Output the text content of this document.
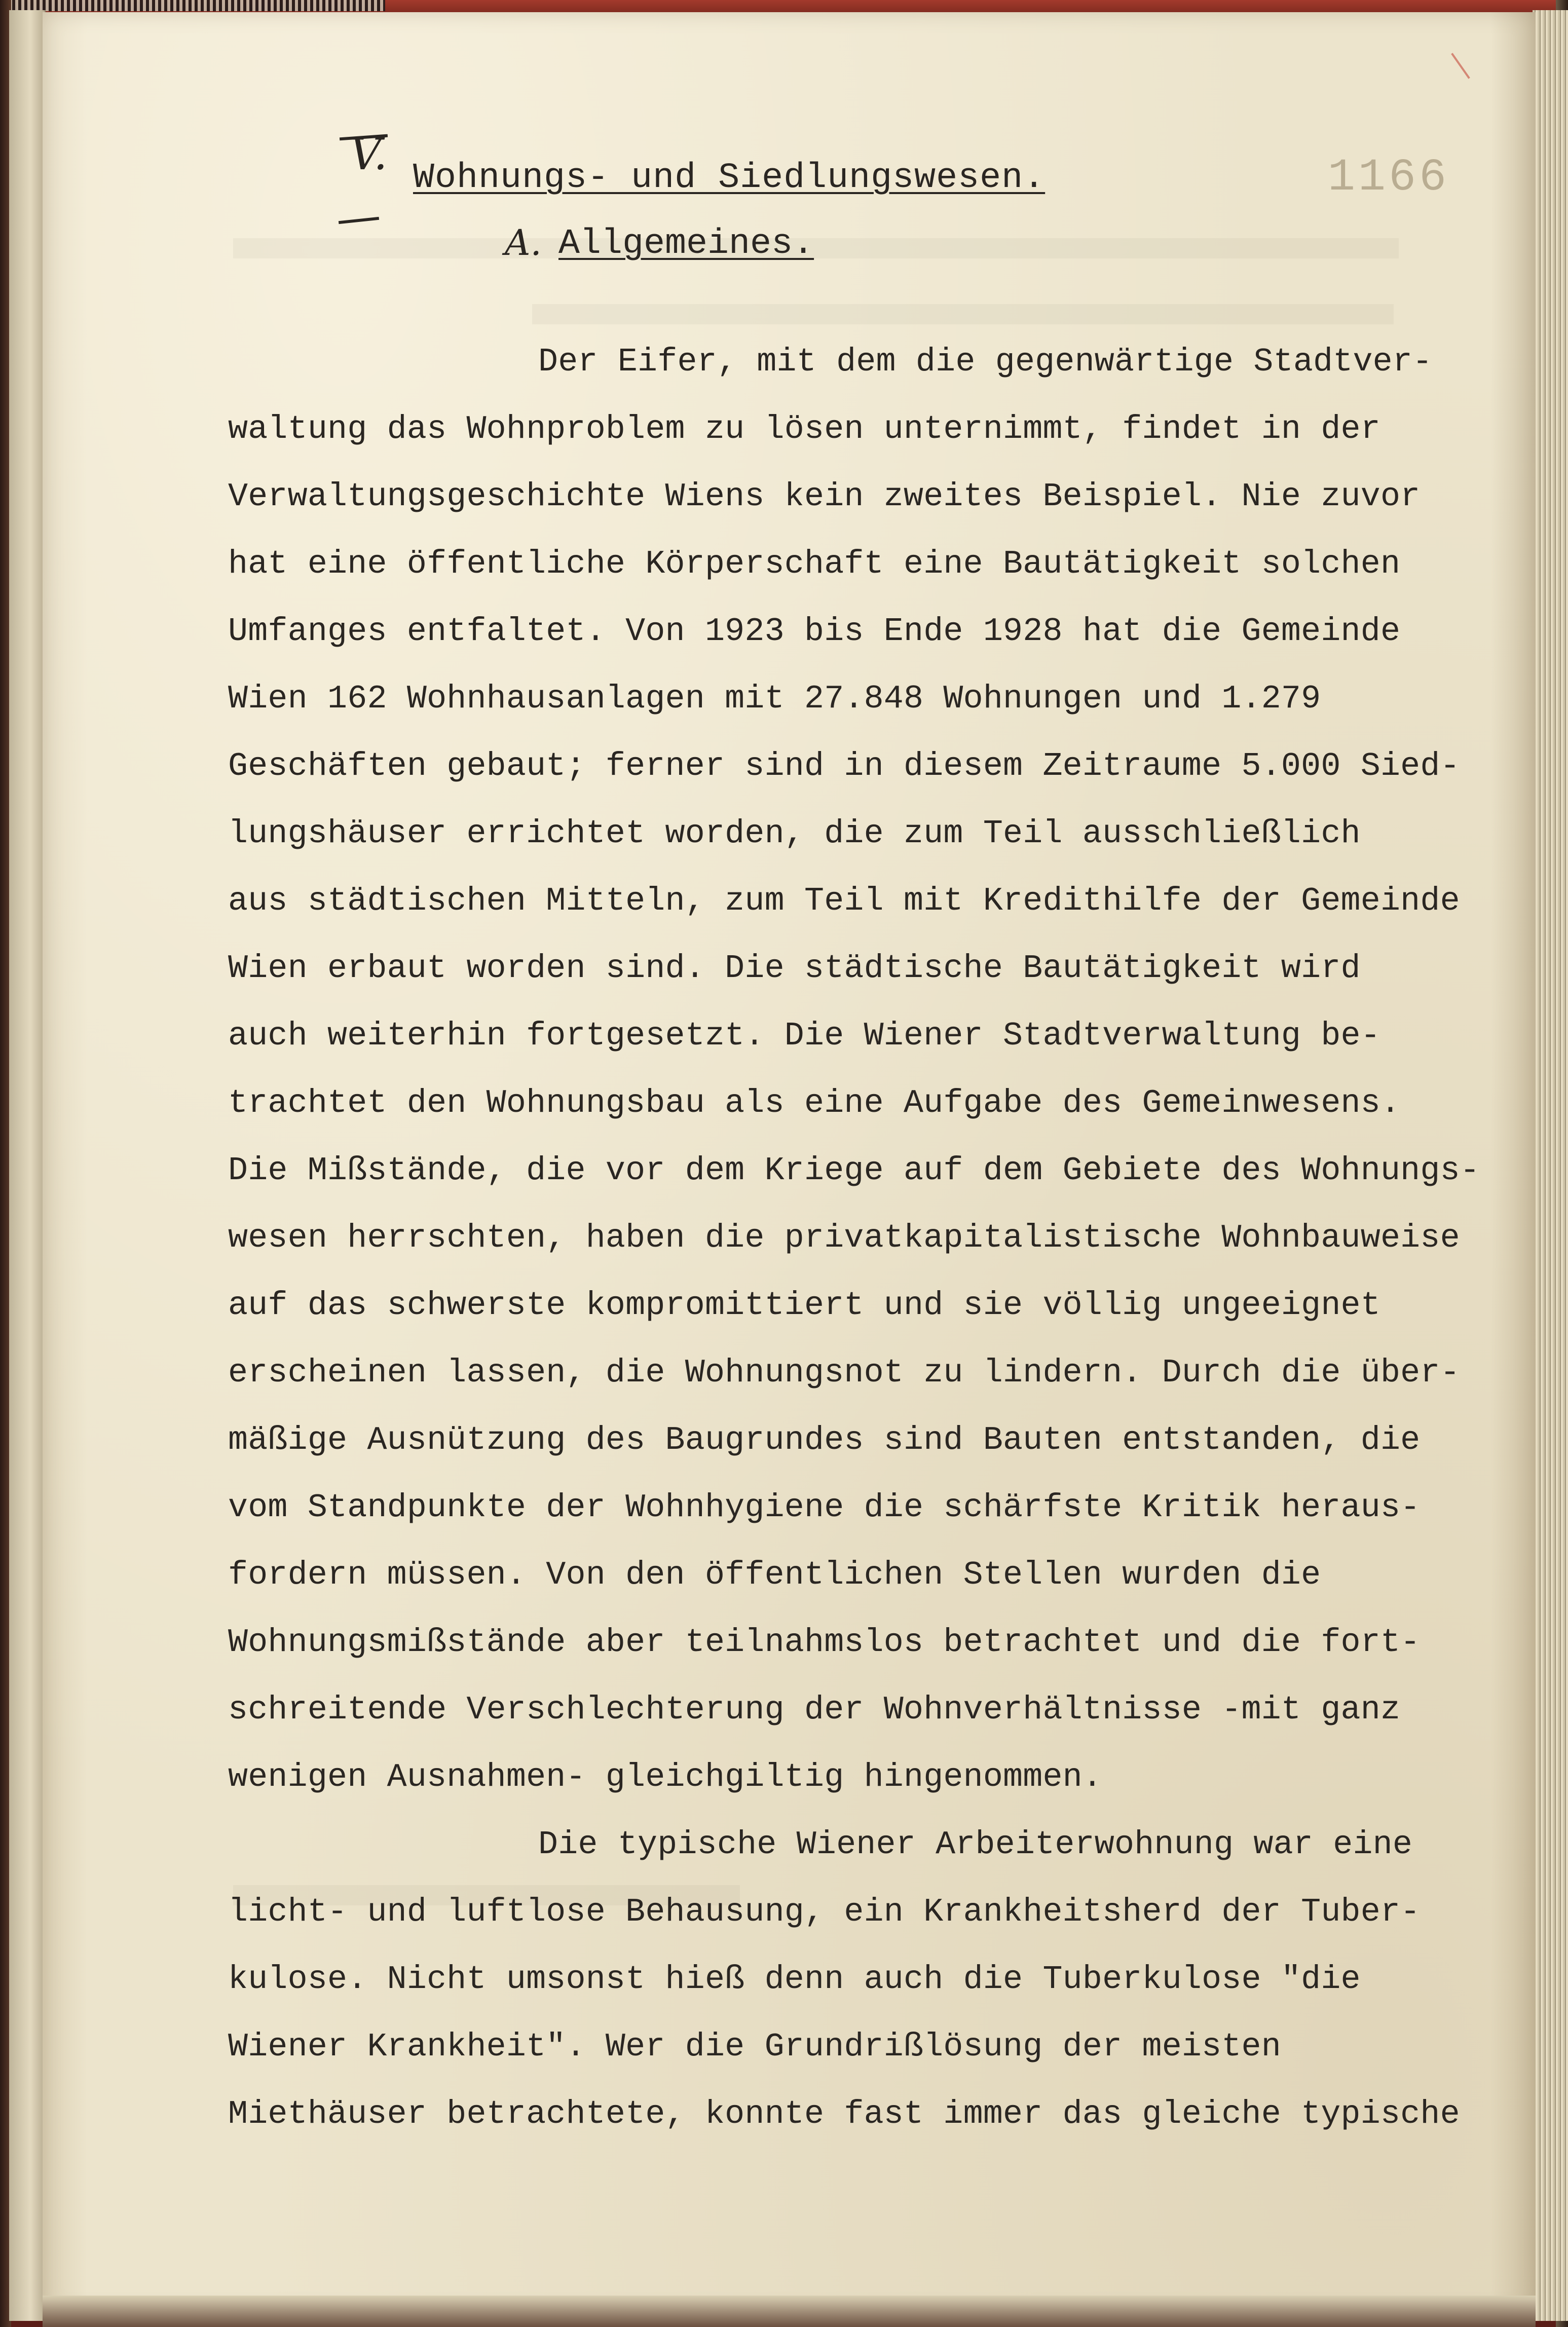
V. Wohnungs- und Siedlungswesen.	1166
A. Allgemeines.
Der Eifer, mit dem die gegenwärtige Stadtver-
waltung das Wohnproblem zu lösen unternimmt, findet in der
Verwaltungsgeschichte Wiens kein zweites Beispiel. Nie zuvor
hat eine öffentliche Körperschaft eine Bautätigkeit solchen
Umfanges entfaltet. Von 1923 bis Ende 1928 hat die Gemeinde
Wien 162 Wohnhausanlagen mit 27.848 Wohnungen und 1.279
Geschäften gebaut; ferner sind in diesem Zeitraume 5.000 Sied-
lungshäuser errichtet worden, die zum Teil ausschließlich
aus städtischen Mitteln, zum Teil mit Kredithilfe der Gemeinde
Wien erbaut worden sind. Die städtische Bautätigkeit wird
auch weiterhin fortgesetzt. Die Wiener Stadtverwaltung be-
trachtet den Wohnungsbau als eine Aufgabe des Gemeinwesens.
Die Mißstände, die vor dem Kriege auf dem Gebiete des Wohnungs-
wesen herrschten, haben die privatkapitalistische Wohnbauweise
auf das schwerste kompromittiert und sie völlig ungeeignet
erscheinen lassen, die Wohnungsnot zu lindern. Durch die über-
mäßige Ausnützung des Baugrundes sind Bauten entstanden, die
vom Standpunkte der Wohnhygiene die schärfste Kritik heraus-
fordern müssen. Von den öffentlichen Stellen wurden die
Wohnungsmißstände aber teilnahmslos betrachtet und die fort-
schreitende Verschlechterung der Wohnverhältnisse -mit ganz
wenigen Ausnahmen- gleichgiltig hingenommen.
Die typische Wiener Arbeiterwohnung war eine
licht- und luftlose Behausung, ein Krankheitsherd der Tuber-
kulose. Nicht umsonst hieß denn auch die Tuberkulose "die
Wiener Krankheit". Wer die Grundrißlösung der meisten
Miethäuser betrachtete, konnte fast immer das gleiche typische
